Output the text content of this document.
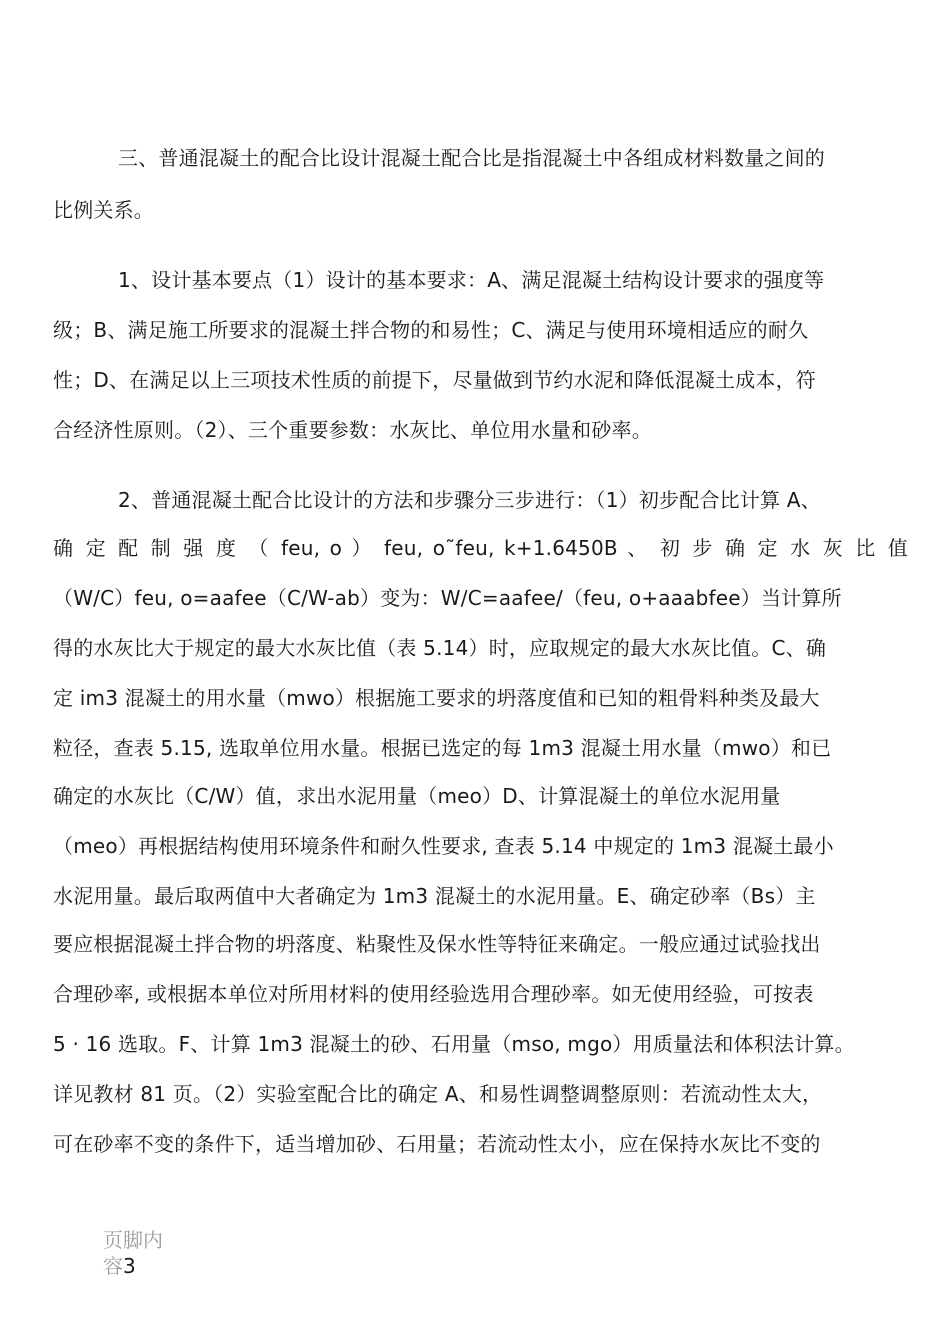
三、普通混凝土的配合比设计混凝土配合比是指混凝土中各组成材料数量之间的
比例关系。
1、设计基本要点（1）设计的基本要求：A、满足混凝土结构设计要求的强度等
级；B、满足施工所要求的混凝土拌合物的和易性；C、满足与使用环境相适应的耐久
性；D、在满足以上三项技术性质的前提下，尽量做到节约水泥和降低混凝土成本，符
合经济性原则。（2）、三个重要参数：水灰比、单位用水量和砂率。
2、普通混凝土配合比设计的方法和步骤分三步进行：（1）初步配合比计算 A、
确 定 配 制 强 度 （ feu, o ） feu, o˜feu, k+1.6450B 、 初 步 确 定 水 灰 比 值
（W/C）feu, o=aafee（C/W-ab）变为：W/C=aafee/（feu, o+aaabfee）当计算所
得的水灰比大于规定的最大水灰比值（表 5.14）时，应取规定的最大水灰比值。C、确
定 im3 混凝土的用水量（mwo）根据施工要求的坍落度值和已知的粗骨料种类及最大
粒径，查表 5.15, 选取单位用水量。根据已选定的每 1m3 混凝土用水量（mwo）和已
确定的水灰比（C/W）值，求出水泥用量（meo）D、计算混凝土的单位水泥用量
（meo）再根据结构使用环境条件和耐久性要求, 查表 5.14 中规定的 1m3 混凝土最小
水泥用量。最后取两值中大者确定为 1m3 混凝土的水泥用量。E、确定砂率（Bs）主
要应根据混凝土拌合物的坍落度、粘聚性及保水性等特征来确定。一般应通过试验找出
合理砂率, 或根据本单位对所用材料的使用经验选用合理砂率。如无使用经验，可按表
5 · 16 选取。F、计算 1m3 混凝土的砂、石用量（mso, mgo）用质量法和体积法计算。
详见教材 81 页。（2）实验室配合比的确定 A、和易性调整调整原则：若流动性太大，
可在砂率不变的条件下，适当增加砂、石用量；若流动性太小，应在保持水灰比不变的
页脚内
容3
